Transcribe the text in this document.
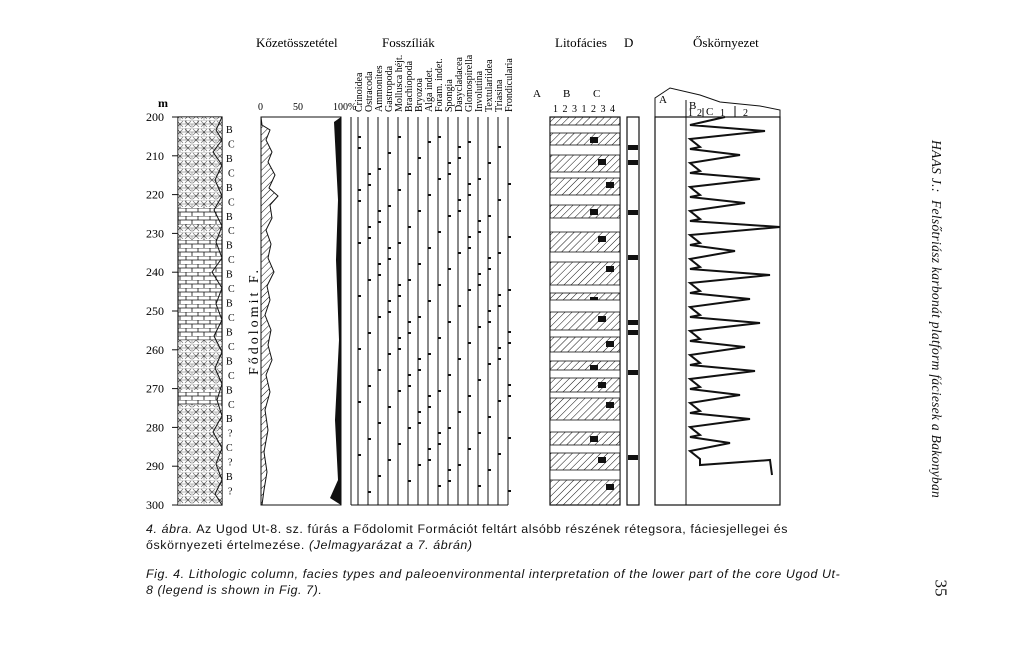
Kőzetösszetétel	Fosszíliák	Litofácies D	Őskörnyezet
m
200
210
220
230
240
250
260
270
280
290
300
B
C
B
C
B
C
B
C
B
C
B
C
B
C
B
C
B
C
B
C
B
?
C
?
B
?
0	50	100%
Fődolomit F.
Crinoidea Ostracoda Ammonites Gastropoda Mollusca héjt. Brachiopoda Bryozoa Alga indet. Foram. indet. Spongia Dasycladacea Glomospirella Involutina Textulariidea Triasina Frondicularia A B C
1 2 3 1 2 3 4
A B C
1 2 1 2
4. ábra. Az Ugod Ut-8. sz. fúrás a Fődolomit Formációt feltárt alsóbb részének rétegsora, fáciesjellegei és őskörnyezeti értelmezése. (Jelmagyarázat a 7. ábrán)
Fig. 4. Lithologic column, facies types and paleoenvironmental interpretation of the lower part of the core Ugod Ut-8 (legend is shown in Fig. 7).
HAAS J.:  Felsőtriász karbonát platform fáciesek a Bakonyban
35
